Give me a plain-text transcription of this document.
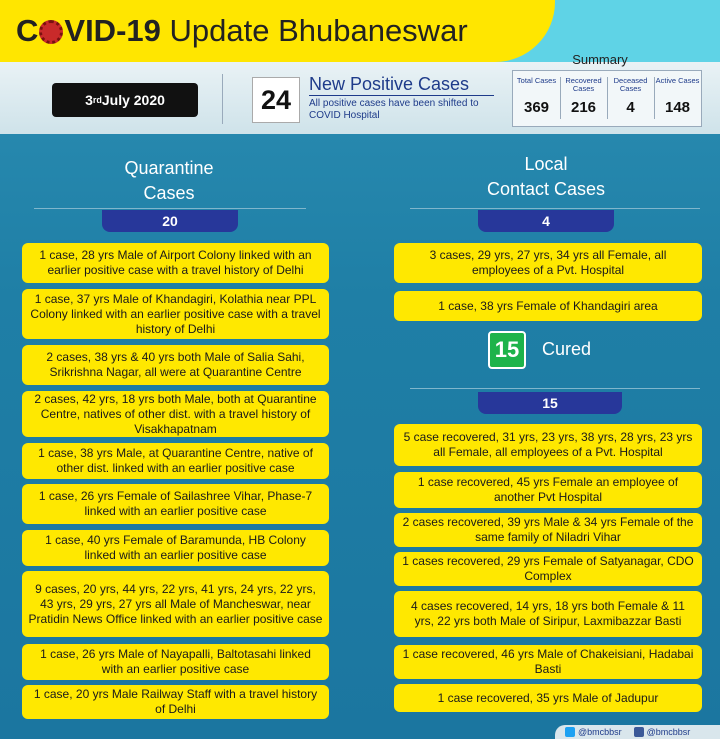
C VID-19 Update Bhubaneswar
3 rd July 2020	24
New Positive Cases
All positive cases have been shifted to COVID Hospital
Summary
Total Cases
369
Recovered Cases
216
Deceased Cases
4
Active Cases
148
Quarantine
Cases
20
1 case, 28 yrs Male of Airport Colony linked with an earlier positive case with a travel history of Delhi
1 case, 37 yrs Male of Khandagiri, Kolathia near PPL Colony linked with an earlier positive case with a travel history of Delhi
2 cases, 38 yrs & 40 yrs both Male of Salia Sahi, Srikrishna Nagar, all were at Quarantine Centre
2 cases, 42 yrs, 18 yrs both Male, both at Quarantine Centre, natives of other dist. with a travel history of Visakhapatnam
1 case, 38 yrs Male, at Quarantine Centre, native of other dist. linked with an earlier positive case
1 case, 26 yrs Female of Sailashree Vihar, Phase-7 linked with an earlier positive case
1 case, 40 yrs Female of Baramunda, HB Colony linked with an earlier positive case
9 cases, 20 yrs, 44 yrs, 22 yrs, 41 yrs, 24 yrs, 22 yrs, 43 yrs, 29 yrs, 27 yrs all Male of Mancheswar, near Pratidin News Office linked with an earlier positive case
1 case, 26 yrs Male of Nayapalli, Baltotasahi linked with an earlier positive case
1 case, 20 yrs Male Railway Staff with a travel history of Delhi
Local
Contact Cases
4
3 cases, 29 yrs, 27 yrs, 34 yrs all Female, all employees of a Pvt. Hospital
1 case, 38 yrs Female of Khandagiri area
15	Cured
15
5 case recovered, 31 yrs, 23 yrs, 38 yrs, 28 yrs, 23 yrs all Female, all employees of a Pvt. Hospital
1 case recovered, 45 yrs Female an employee of another Pvt Hospital
2 cases recovered, 39 yrs Male & 34 yrs Female of the same family of Niladri Vihar
1 cases recovered, 29 yrs Female of Satyanagar, CDO Complex
4 cases recovered, 14 yrs, 18 yrs both Female & 11 yrs, 22 yrs both Male of Siripur, Laxmibazzar Basti
1 case recovered, 46 yrs Male of Chakeisiani, Hadabai Basti
1 case recovered, 35 yrs Male of Jadupur
@bmcbbsr	@bmcbbsr
